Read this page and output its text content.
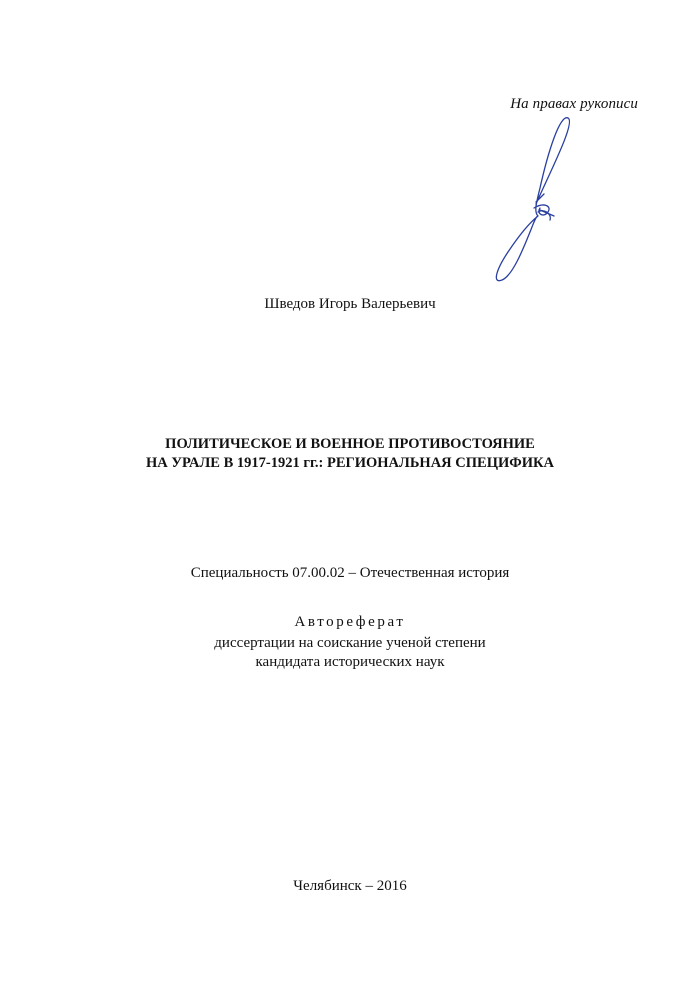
На правах рукописи
Шведов Игорь Валерьевич
ПОЛИТИЧЕСКОЕ И ВОЕННОЕ ПРОТИВОСТОЯНИЕ
НА УРАЛЕ В 1917-1921 гг.: РЕГИОНАЛЬНАЯ СПЕЦИФИКА
Специальность 07.00.02 – Отечественная история
Автореферат
диссертации на соискание ученой степени
кандидата исторических наук
Челябинск – 2016
